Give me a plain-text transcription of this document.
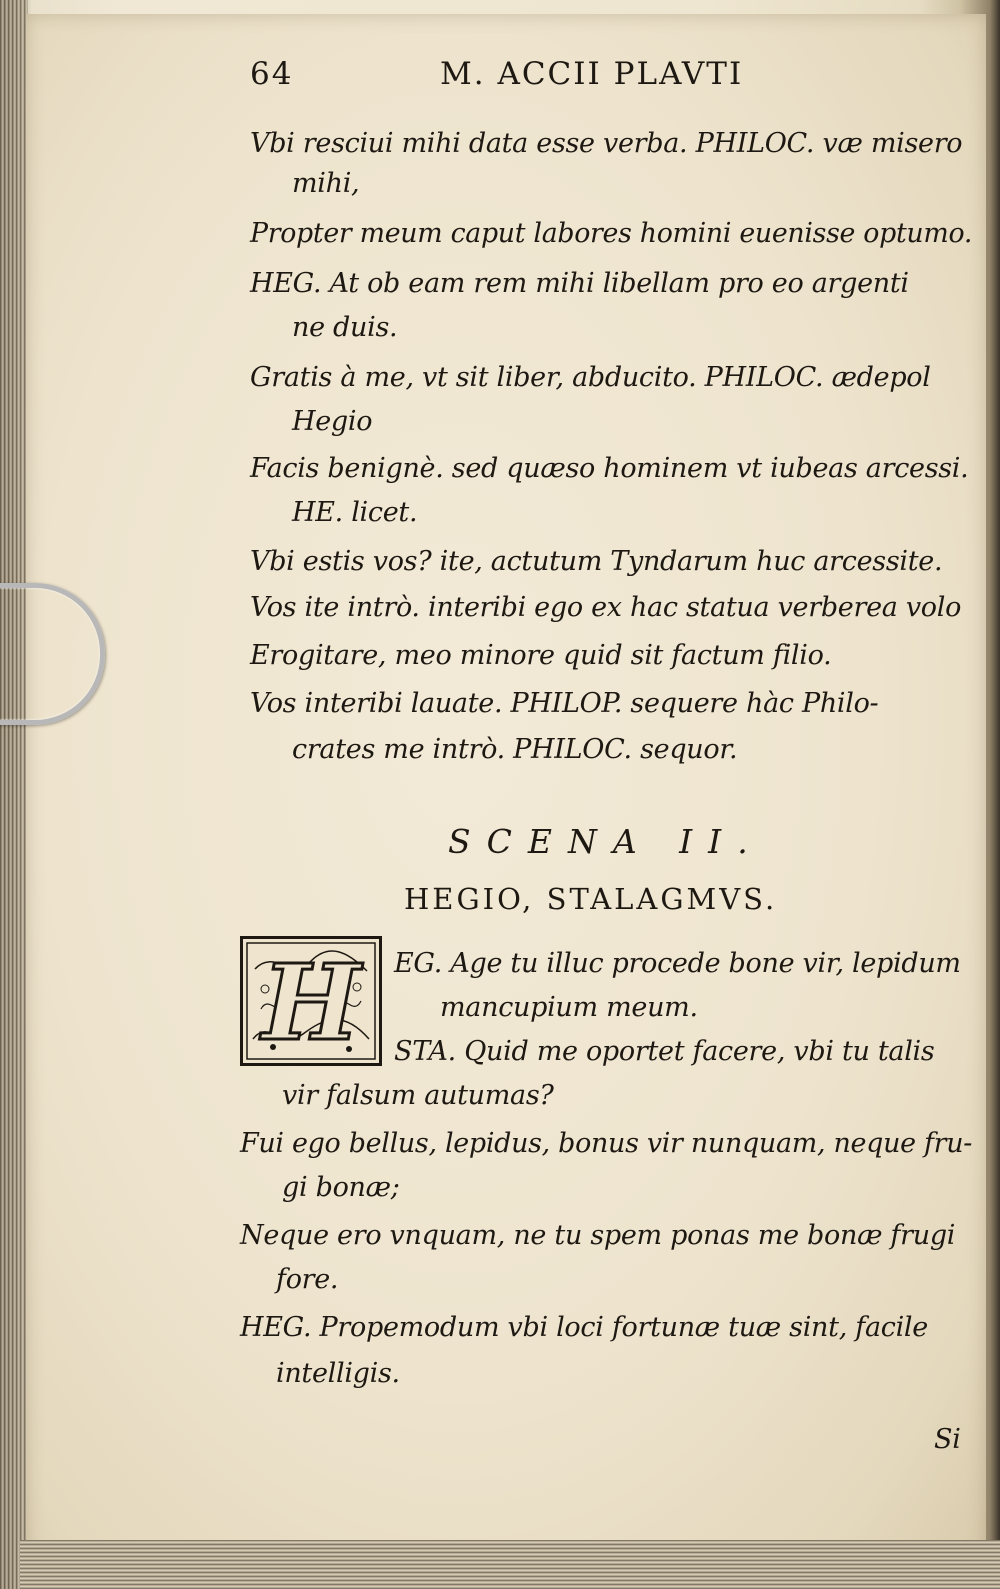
64	M. ACCII PLAVTI
Vbi resciui mihi data esse verba. PHILOC. væ misero
mihi,
Propter meum caput labores homini euenisse optumo.
HEG. At ob eam rem mihi libellam pro eo argenti
ne duis.
Gratis à me, vt sit liber, abducito. PHILOC. ædepol
Hegio
Facis benignè. sed quæso hominem vt iubeas arcessi.
HE. licet.
Vbi estis vos? ite, actutum Tyndarum huc arcessite.
Vos ite intrò. interibi ego ex hac statua verberea volo
Erogitare, meo minore quid sit factum filio.
Vos interibi lauate. PHILOP. sequere hàc Philo-
crates me intrò. PHILOC. sequor.
SCENA II.
HEGIO, STALAGMVS.
H EG. Age tu illuc procede bone vir, lepidum
mancupium meum.
STA. Quid me oportet facere, vbi tu talis
vir falsum autumas?
Fui ego bellus, lepidus, bonus vir nunquam, neque fru-
gi bonæ;
Neque ero vnquam, ne tu spem ponas me bonæ frugi
fore.
HEG. Propemodum vbi loci fortunæ tuæ sint, facile
intelligis.
Si
